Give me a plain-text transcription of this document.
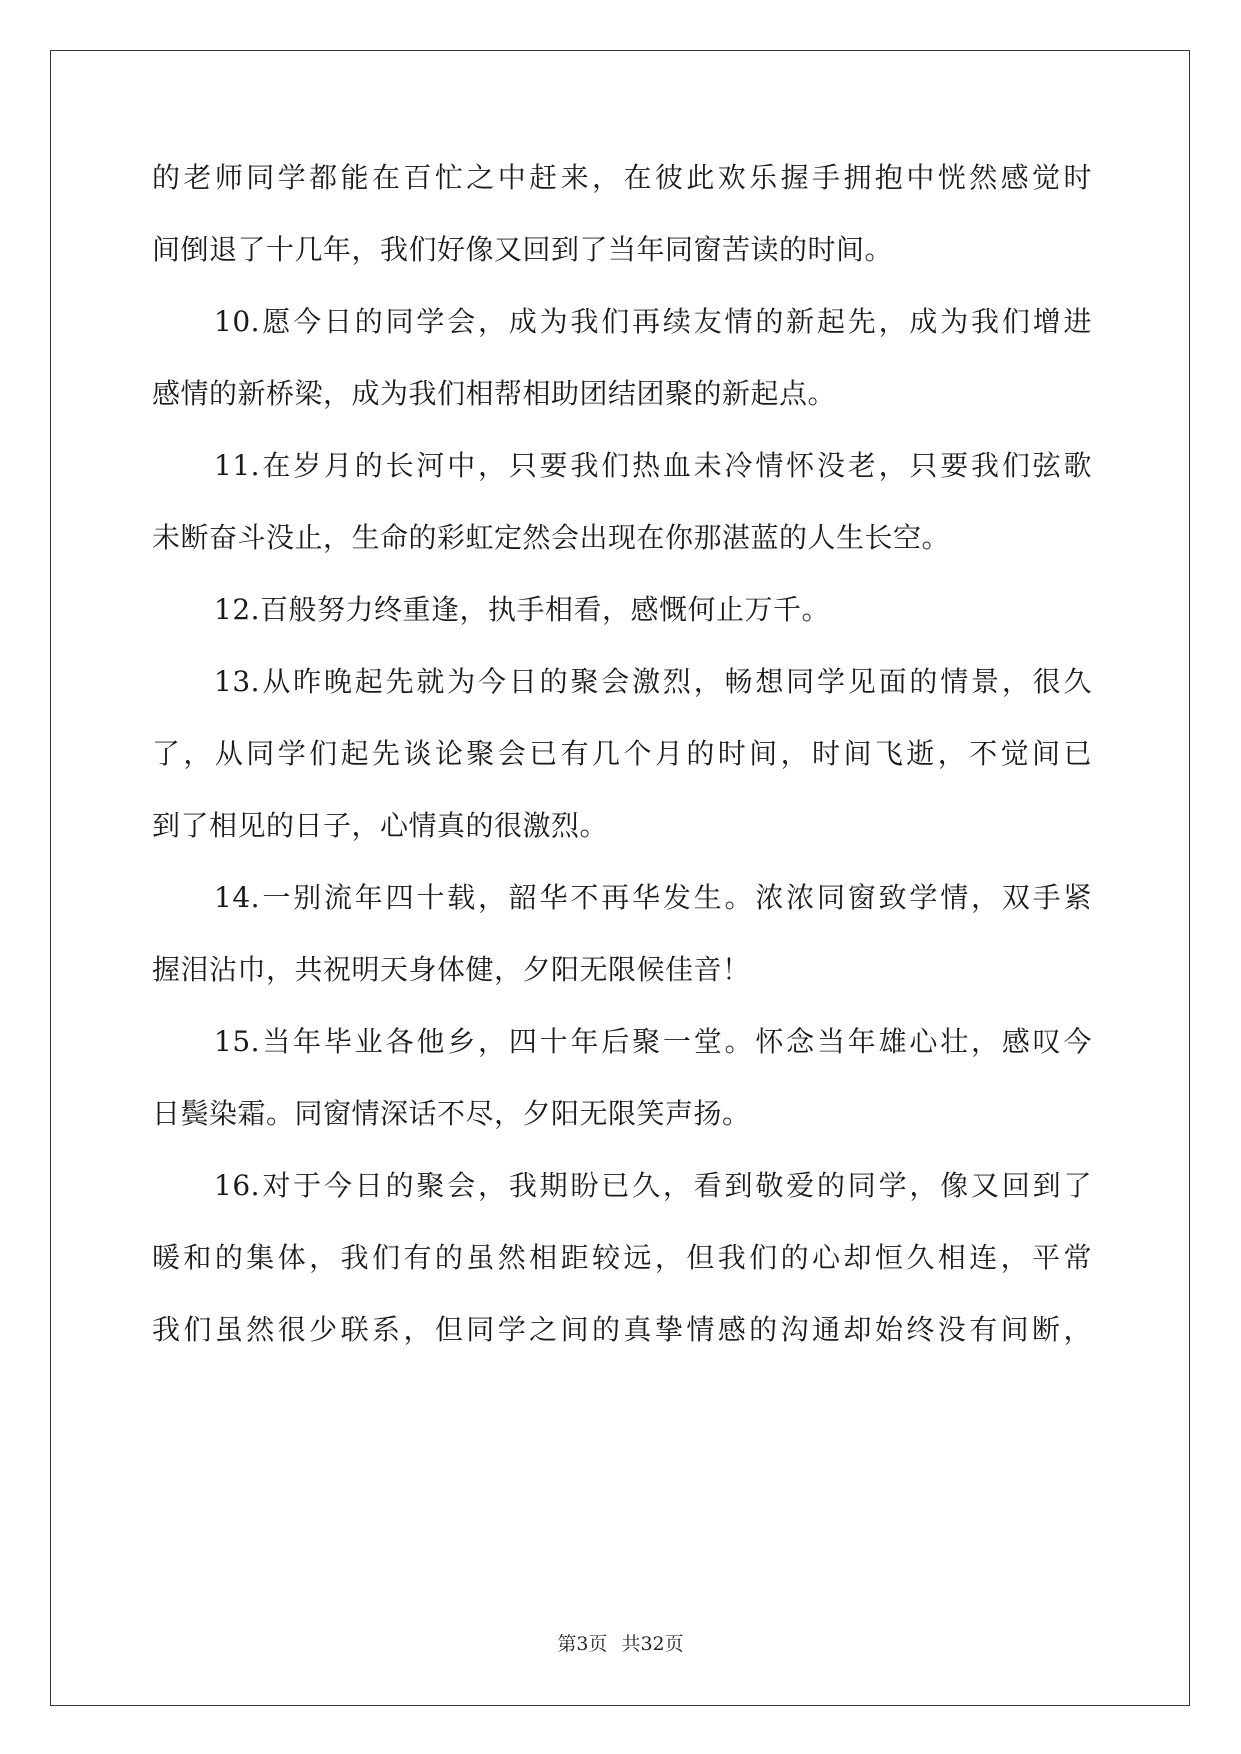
的老师同学都能在百忙之中赶来，在彼此欢乐握手拥抱中恍然感觉时
间倒退了十几年，我们好像又回到了当年同窗苦读的时间。
10.愿今日的同学会，成为我们再续友情的新起先，成为我们增进
感情的新桥梁，成为我们相帮相助团结团聚的新起点。
11.在岁月的长河中，只要我们热血未冷情怀没老，只要我们弦歌
未断奋斗没止，生命的彩虹定然会出现在你那湛蓝的人生长空。
12.百般努力终重逢，执手相看，感慨何止万千。
13.从昨晚起先就为今日的聚会激烈，畅想同学见面的情景，很久
了，从同学们起先谈论聚会已有几个月的时间，时间飞逝，不觉间已
到了相见的日子，心情真的很激烈。
14.一别流年四十载，韶华不再华发生。浓浓同窗致学情，双手紧
握泪沾巾，共祝明天身体健，夕阳无限候佳音！
15.当年毕业各他乡，四十年后聚一堂。怀念当年雄心壮，感叹今
日鬓染霜。同窗情深话不尽，夕阳无限笑声扬。
16.对于今日的聚会，我期盼已久，看到敬爱的同学，像又回到了
暖和的集体，我们有的虽然相距较远，但我们的心却恒久相连，平常
我们虽然很少联系，但同学之间的真挚情感的沟通却始终没有间断，
第3页 共32页
